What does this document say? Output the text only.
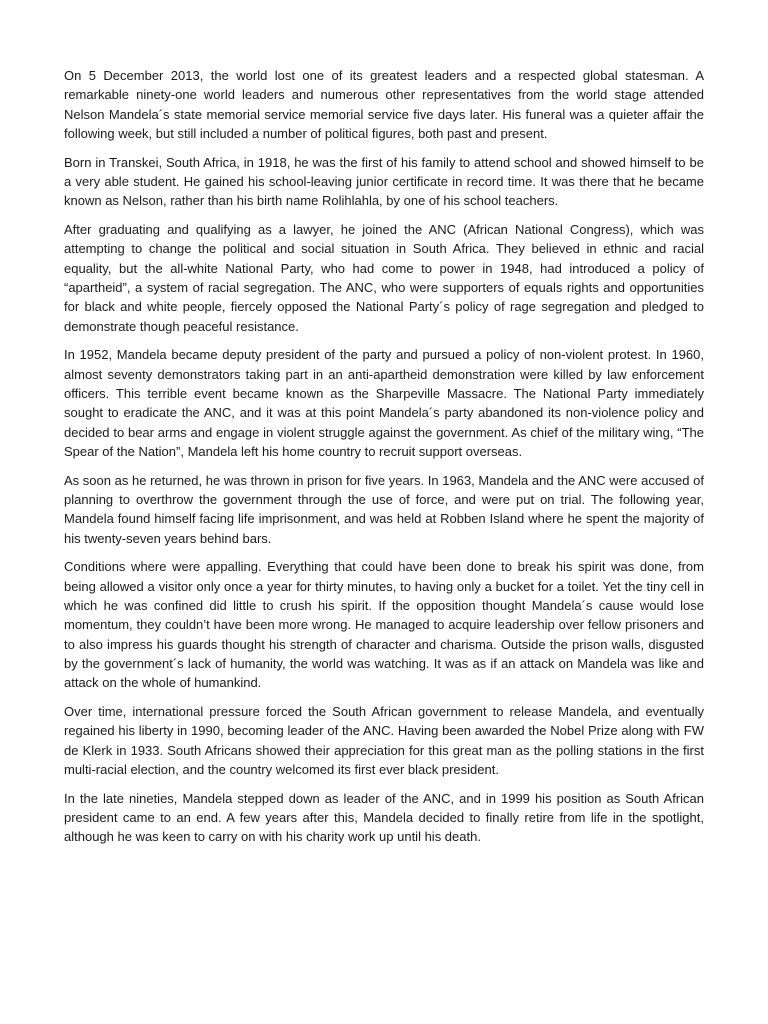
On 5 December 2013, the world lost one of its greatest leaders and a respected global statesman. A remarkable ninety-one world leaders and numerous other representatives from the world stage attended Nelson Mandela´s state memorial service memorial service five days later. His funeral was a quieter affair the following week, but still included a number of political figures, both past and present.

Born in Transkei, South Africa, in 1918, he was the first of his family to attend school and showed himself to be a very able student. He gained his school-leaving junior certificate in record time. It was there that he became known as Nelson, rather than his birth name Rolihlahla, by one of his school teachers.

After graduating and qualifying as a lawyer, he joined the ANC (African National Congress), which was attempting to change the political and social situation in South Africa. They believed in ethnic and racial equality, but the all-white National Party, who had come to power in 1948, had introduced a policy of “apartheid”, a system of racial segregation. The ANC, who were supporters of equals rights and opportunities for black and white people, fiercely opposed the National Party´s policy of rage segregation and pledged to demonstrate though peaceful resistance.

In 1952, Mandela became deputy president of the party and pursued a policy of non-violent protest. In 1960, almost seventy demonstrators taking part in an anti-apartheid demonstration were killed by law enforcement officers. This terrible event became known as the Sharpeville Massacre. The National Party immediately sought to eradicate the ANC, and it was at this point Mandela´s party abandoned its non-violence policy and decided to bear arms and engage in violent struggle against the government. As chief of the military wing, “The Spear of the Nation”, Mandela left his home country to recruit support overseas.

As soon as he returned, he was thrown in prison for five years. In 1963, Mandela and the ANC were accused of planning to overthrow the government through the use of force, and were put on trial. The following year, Mandela found himself facing life imprisonment, and was held at Robben Island where he spent the majority of his twenty-seven years behind bars.

Conditions where were appalling. Everything that could have been done to break his spirit was done, from being allowed a visitor only once a year for thirty minutes, to having only a bucket for a toilet. Yet the tiny cell in which he was confined did little to crush his spirit. If the opposition thought Mandela´s cause would lose momentum, they couldn’t have been more wrong. He managed to acquire leadership over fellow prisoners and to also impress his guards thought his strength of character and charisma. Outside the prison walls, disgusted by the government´s lack of humanity, the world was watching. It was as if an attack on Mandela was like and attack on the whole of humankind.

Over time, international pressure forced the South African government to release Mandela, and eventually regained his liberty in 1990, becoming leader of the ANC. Having been awarded the Nobel Prize along with FW de Klerk in 1933. South Africans showed their appreciation for this great man as the polling stations in the first multi-racial election, and the country welcomed its first ever black president.

In the late nineties, Mandela stepped down as leader of the ANC, and in 1999 his position as South African president came to an end. A few years after this, Mandela decided to finally retire from life in the spotlight, although he was keen to carry on with his charity work up until his death.
